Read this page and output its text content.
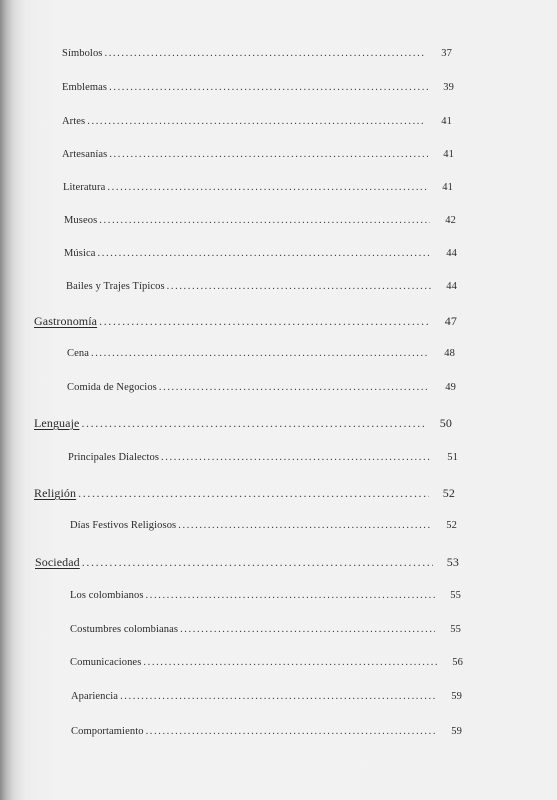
Símbolos .....	37
Emblemas .....	39
Artes .....	41
Artesanías .....	41
Literatura .....	41
Museos .....	42
Música .....	44
Bailes y Trajes Típicos .....	44
Gastronomía .....	47
Cena .....	48
Comida de Negocios .....	49
Lenguaje .....	50
Principales Dialectos .....	51
Religión .....	52
Días Festivos Religiosos .....	52
Sociedad .....	53
Los colombianos .....	55
Costumbres colombianas .....	55
Comunicaciones .....	56
Apariencia .....	59
Comportamiento .....	59
